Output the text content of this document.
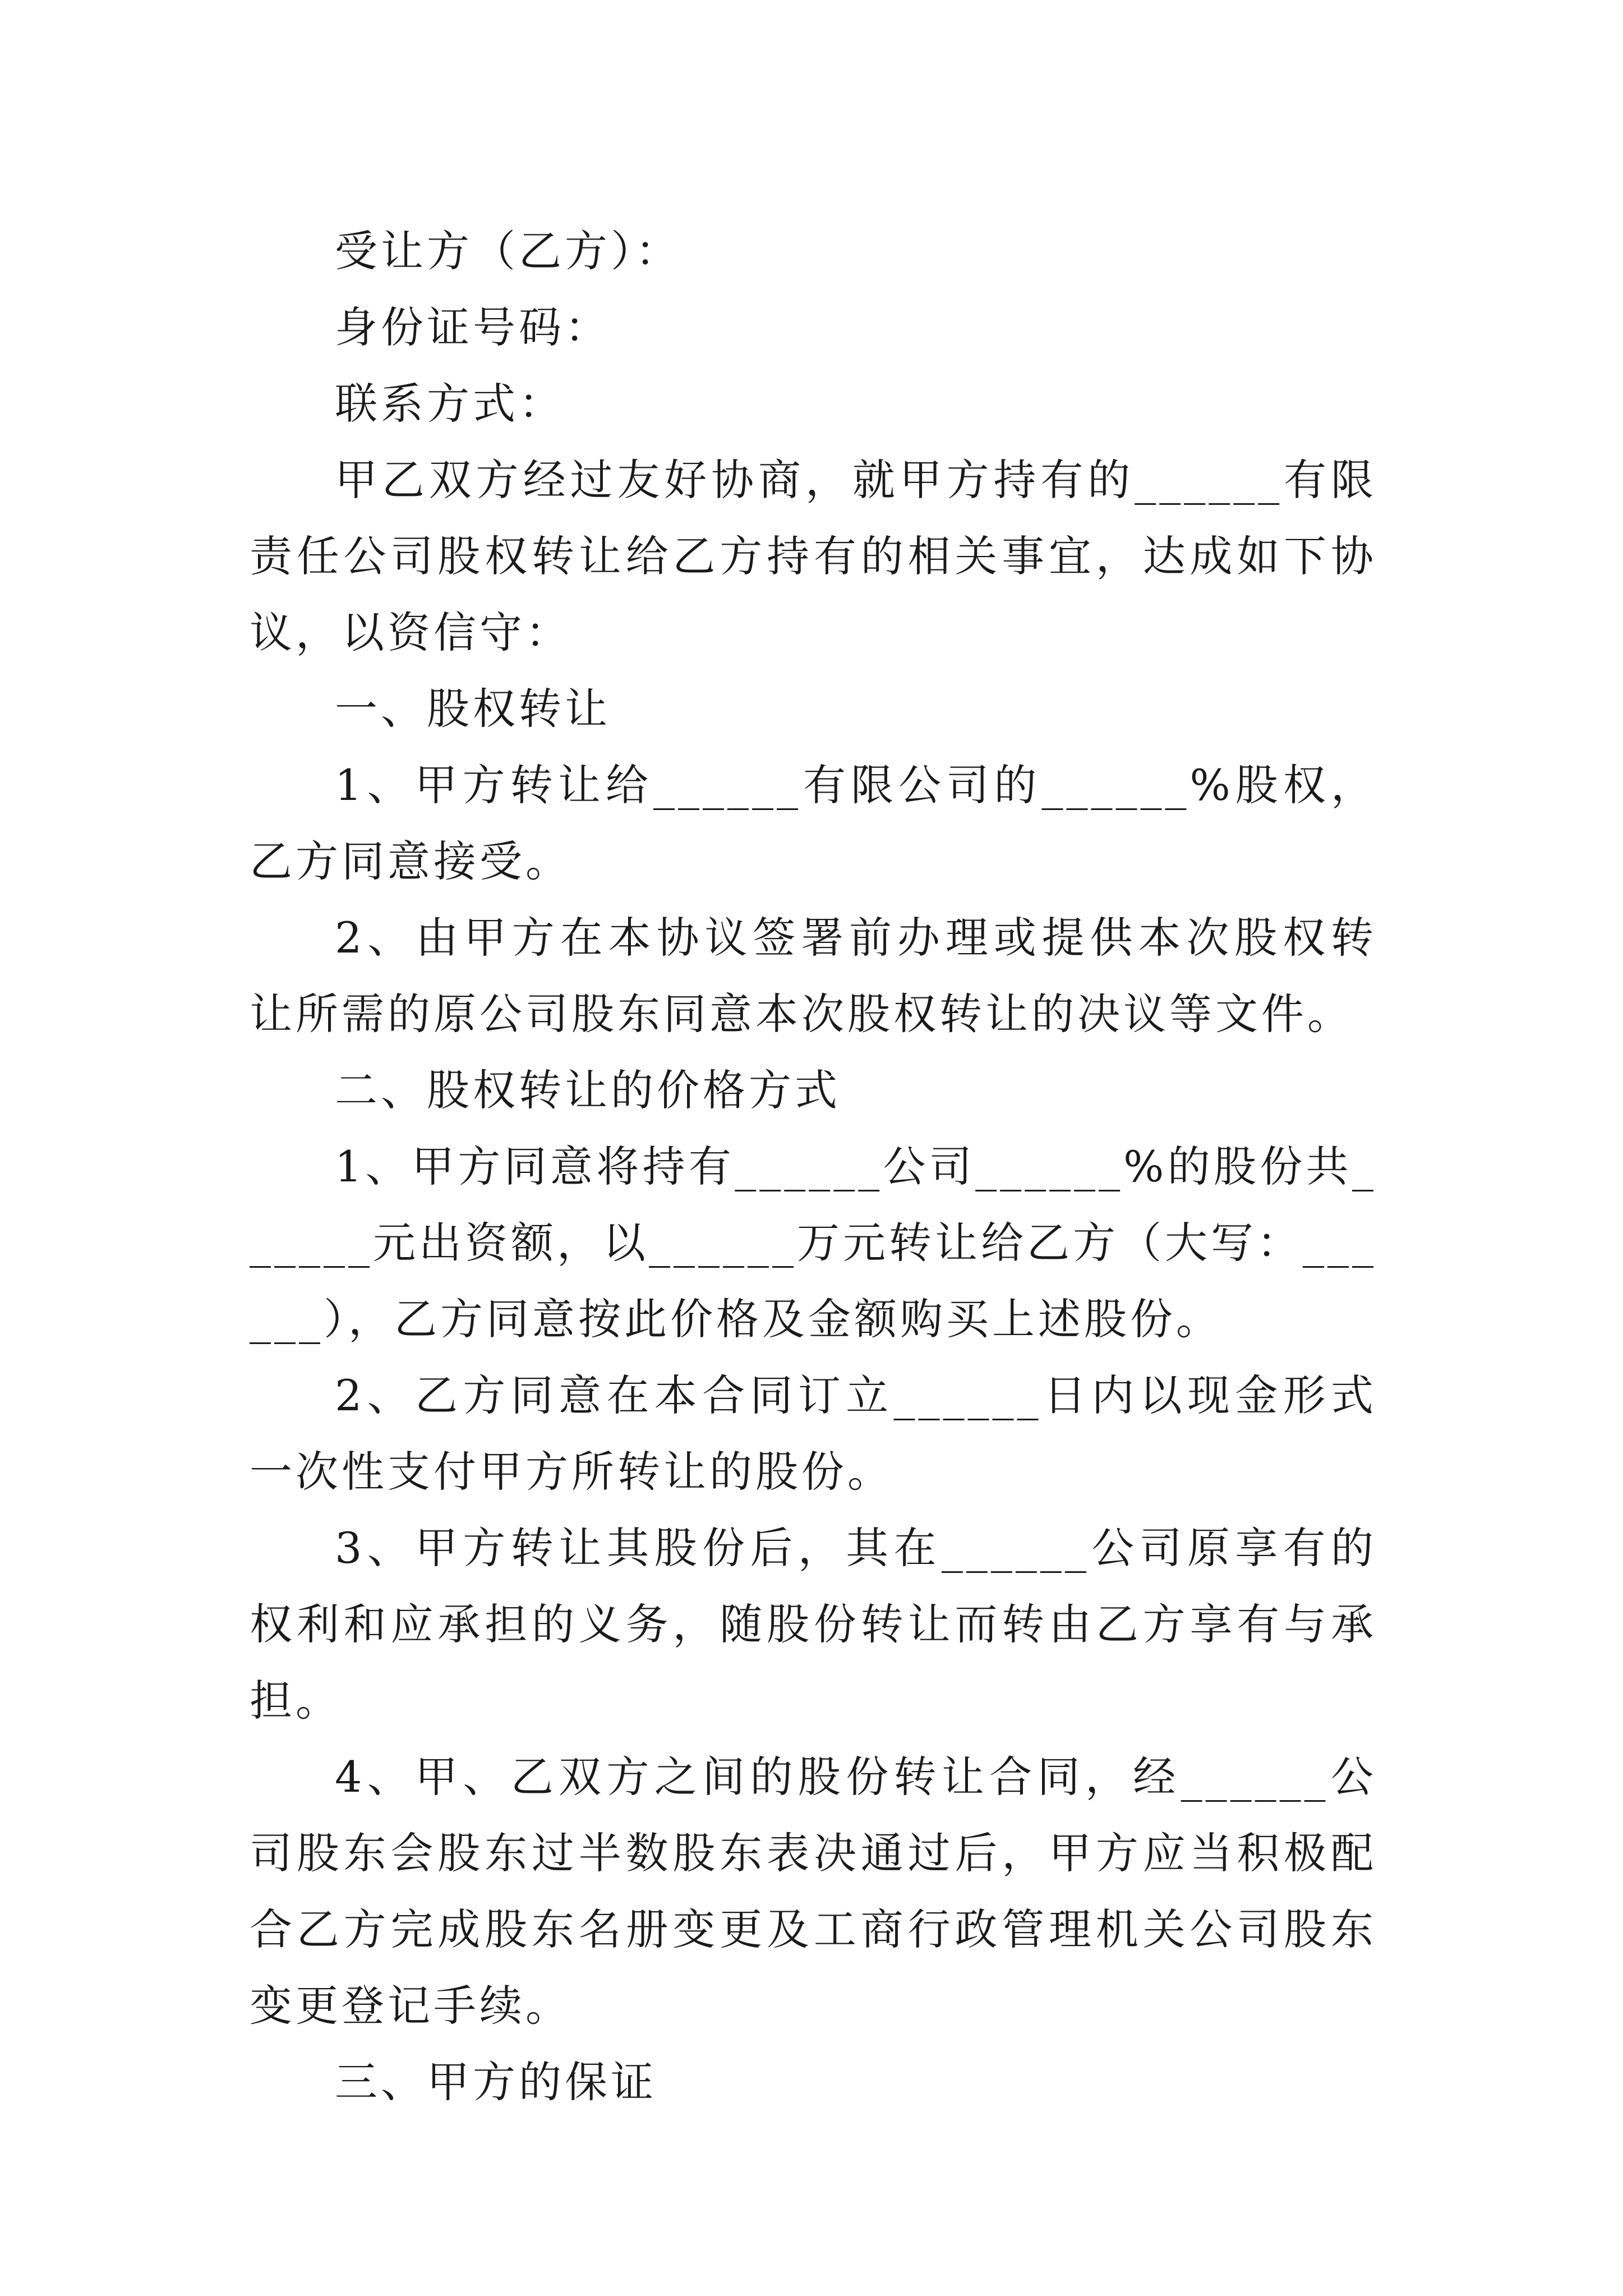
受让方（乙方）：

身份证号码：

联系方式：

甲乙双方经过友好协商，就甲方持有的______有限责任公司股权转让给乙方持有的相关事宜，达成如下协议，以资信守：

一、股权转让

1、甲方转让给______有限公司的______%股权，乙方同意接受。

2、由甲方在本协议签署前办理或提供本次股权转让所需的原公司股东同意本次股权转让的决议等文件。

二、股权转让的价格方式

1、甲方同意将持有______公司______%的股份共______元出资额，以______万元转让给乙方（大写：______），乙方同意按此价格及金额购买上述股份。

2、乙方同意在本合同订立______日内以现金形式一次性支付甲方所转让的股份。

3、甲方转让其股份后，其在______公司原享有的权利和应承担的义务，随股份转让而转由乙方享有与承担。

4、甲、乙双方之间的股份转让合同，经______公司股东会股东过半数股东表决通过后，甲方应当积极配合乙方完成股东名册变更及工商行政管理机关公司股东变更登记手续。

三、甲方的保证
